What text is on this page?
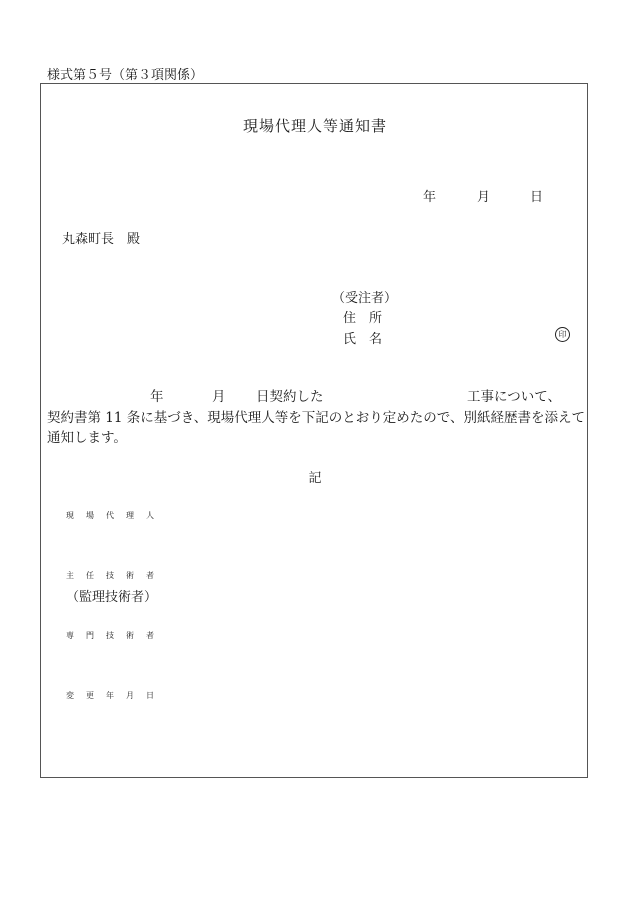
様式第５号（第３項関係）
現場代理人等通知書
年	月	日
丸森町長　殿
（受注者）
住　所
氏　名	印
年	月 日契約した	工事について、
契約書第 11 条に基づき、現場代理人等を下記のとおり定めたので、別紙経歴書を添えて
通知します。
記
現 場 代 理 人
主 任 技 術 者
（監理技術者）
専 門 技 術 者
変 更 年 月 日
